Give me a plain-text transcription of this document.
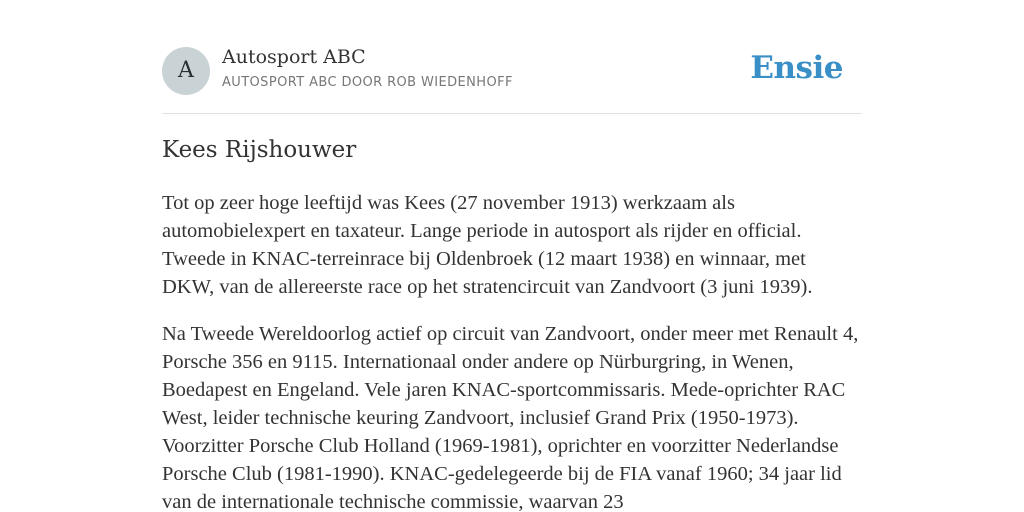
A
Autosport ABC
AUTOSPORT ABC DOOR ROB WIEDENHOFF	Ensie
Kees Rijshouwer

Tot op zeer hoge leeftijd was Kees (27 november 1913) werkzaam als automobielexpert en taxateur. Lange periode in autosport als rijder en official. Tweede in KNAC-terreinrace bij Oldenbroek (12 maart 1938) en winnaar, met DKW, van de allereerste race op het stratencircuit van Zandvoort (3 juni 1939).

Na Tweede Wereldoorlog actief op circuit van Zandvoort, onder meer met Renault 4, Porsche 356 en 9115. Internationaal onder andere op Nürburgring, in Wenen, Boedapest en Engeland. Vele jaren KNAC-sportcommissaris. Mede-oprichter RAC West, leider technische keuring Zandvoort, inclusief Grand Prix (1950-1973). Voorzitter Porsche Club Holland (1969-1981), oprichter en voorzitter Nederlandse Porsche Club (1981-1990). KNAC-gedelegeerde bij de FIA vanaf 1960; 34 jaar lid van de internationale technische commissie, waarvan 23
